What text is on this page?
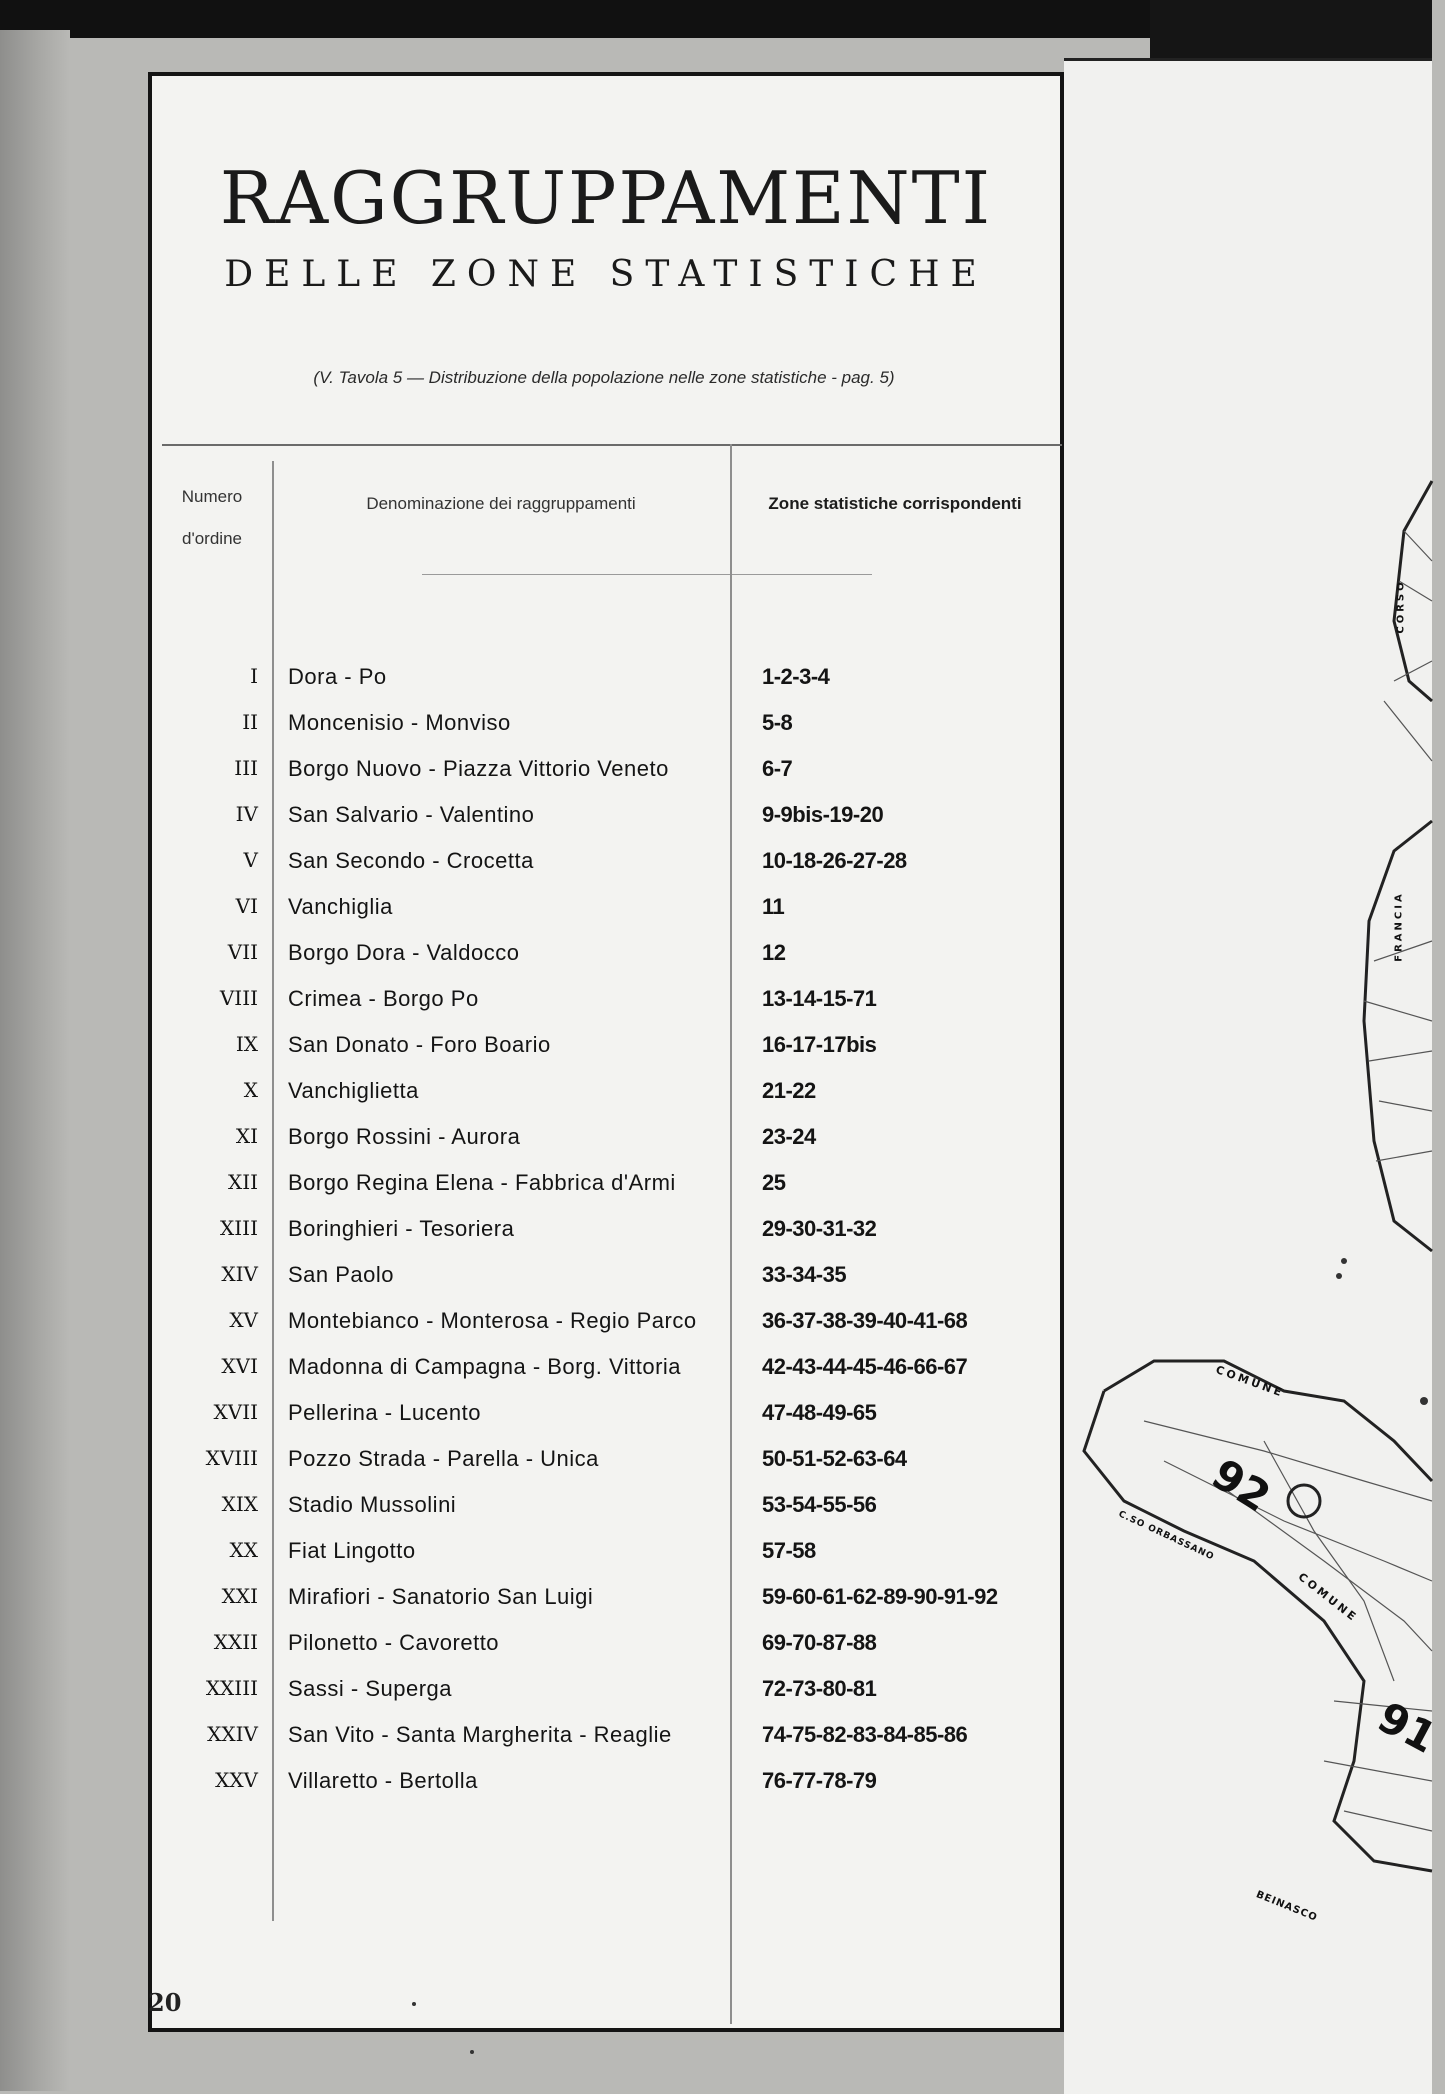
RAGGRUPPAMENTI
DELLE ZONE STATISTICHE
(V. Tavola 5 — Distribuzione della popolazione nelle zone statistiche - pag. 5)
Numero d'ordine
Denominazione dei raggruppamenti	Zone statistiche corrispondenti
I Dora - Po	1-2-3-4
II Moncenisio - Monviso	5-8
III Borgo Nuovo - Piazza Vittorio Veneto	6-7
IV San Salvario - Valentino	9-9bis-19-20
V San Secondo - Crocetta	10-18-26-27-28
VI Vanchiglia	11
VII Borgo Dora - Valdocco	12
VIII Crimea - Borgo Po	13-14-15-71
IX San Donato - Foro Boario	16-17-17bis
X Vanchiglietta	21-22
XI Borgo Rossini - Aurora	23-24
XII Borgo Regina Elena - Fabbrica d'Armi	25
XIII Boringhieri - Tesoriera	29-30-31-32
XIV San Paolo	33-34-35
XV Montebianco - Monterosa - Regio Parco	36-37-38-39-40-41-68
XVI Madonna di Campagna - Borg. Vittoria	42-43-44-45-46-66-67
XVII Pellerina - Lucento	47-48-49-65
XVIII Pozzo Strada - Parella - Unica	50-51-52-63-64
XIX Stadio Mussolini	53-54-55-56
XX Fiat Lingotto	57-58
XXI Mirafiori - Sanatorio San Luigi	59-60-61-62-89-90-91-92
XXII Pilonetto - Cavoretto	69-70-87-88
XXIII Sassi - Superga	72-73-80-81
XXIV San Vito - Santa Margherita - Reaglie	74-75-82-83-84-85-86
XXV Villaretto - Bertolla	76-77-78-79
92
91
COMUNE
COMUNE
BEINASCO
CORSO
FRANCIA
C.SO ORBASSANO
20
